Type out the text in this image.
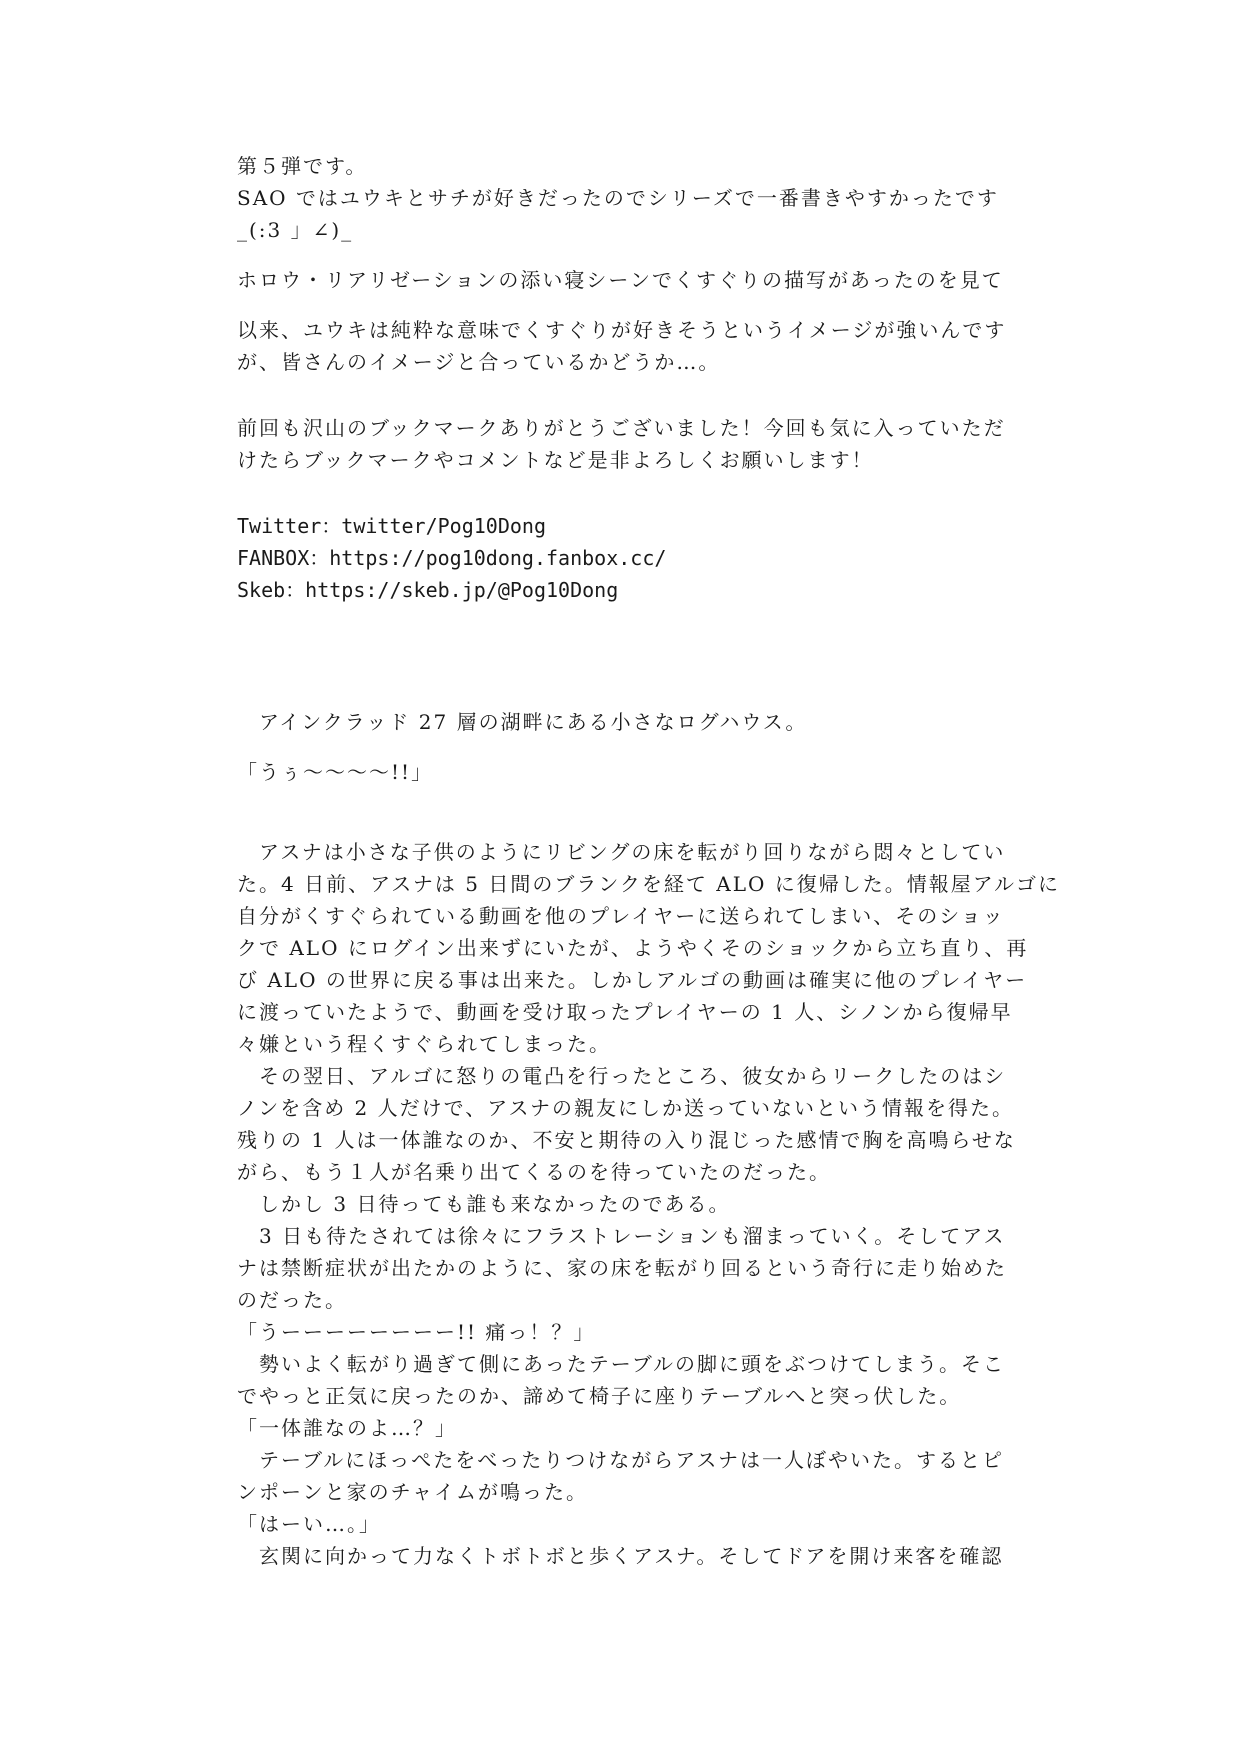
第５弾です。

SAO ではユウキとサチが好きだったのでシリーズで一番書きやすかったです

_(:3 」∠)_

ホロウ・リアリゼーションの添い寝シーンでくすぐりの描写があったのを見て

以来、ユウキは純粋な意味でくすぐりが好きそうというイメージが強いんです

が、皆さんのイメージと合っているかどうか…。

前回も沢山のブックマークありがとうございました！今回も気に入っていただ

けたらブックマークやコメントなど是非よろしくお願いします！

Twitter：twitter/Pog10Dong

FANBOX：https://pog10dong.fanbox.cc/

Skeb：https://skeb.jp/@Pog10Dong

　アインクラッド 27 層の湖畔にある小さなログハウス。

「うぅ〜〜〜〜!!」

　アスナは小さな子供のようにリビングの床を転がり回りながら悶々としてい

た。4 日前、アスナは 5 日間のブランクを経て ALO に復帰した。情報屋アルゴに

自分がくすぐられている動画を他のプレイヤーに送られてしまい、そのショッ

クで ALO にログイン出来ずにいたが、ようやくそのショックから立ち直り、再

び ALO の世界に戻る事は出来た。しかしアルゴの動画は確実に他のプレイヤー

に渡っていたようで、動画を受け取ったプレイヤーの 1 人、シノンから復帰早

々嫌という程くすぐられてしまった。

　その翌日、アルゴに怒りの電凸を行ったところ、彼女からリークしたのはシ

ノンを含め 2 人だけで、アスナの親友にしか送っていないという情報を得た。

残りの 1 人は一体誰なのか、不安と期待の入り混じった感情で胸を高鳴らせな

がら、もう１人が名乗り出てくるのを待っていたのだった。

　しかし 3 日待っても誰も来なかったのである。

　3 日も待たされては徐々にフラストレーションも溜まっていく。そしてアス

ナは禁断症状が出たかのように、家の床を転がり回るという奇行に走り始めた

のだった。

「うーーーーーーーー!! 痛っ！？」

　勢いよく転がり過ぎて側にあったテーブルの脚に頭をぶつけてしまう。そこ

でやっと正気に戻ったのか、諦めて椅子に座りテーブルへと突っ伏した。

「一体誰なのよ…？」

　テーブルにほっぺたをべったりつけながらアスナは一人ぼやいた。するとピ

ンポーンと家のチャイムが鳴った。

「はーい…。」

　玄関に向かって力なくトボトボと歩くアスナ。そしてドアを開け来客を確認
